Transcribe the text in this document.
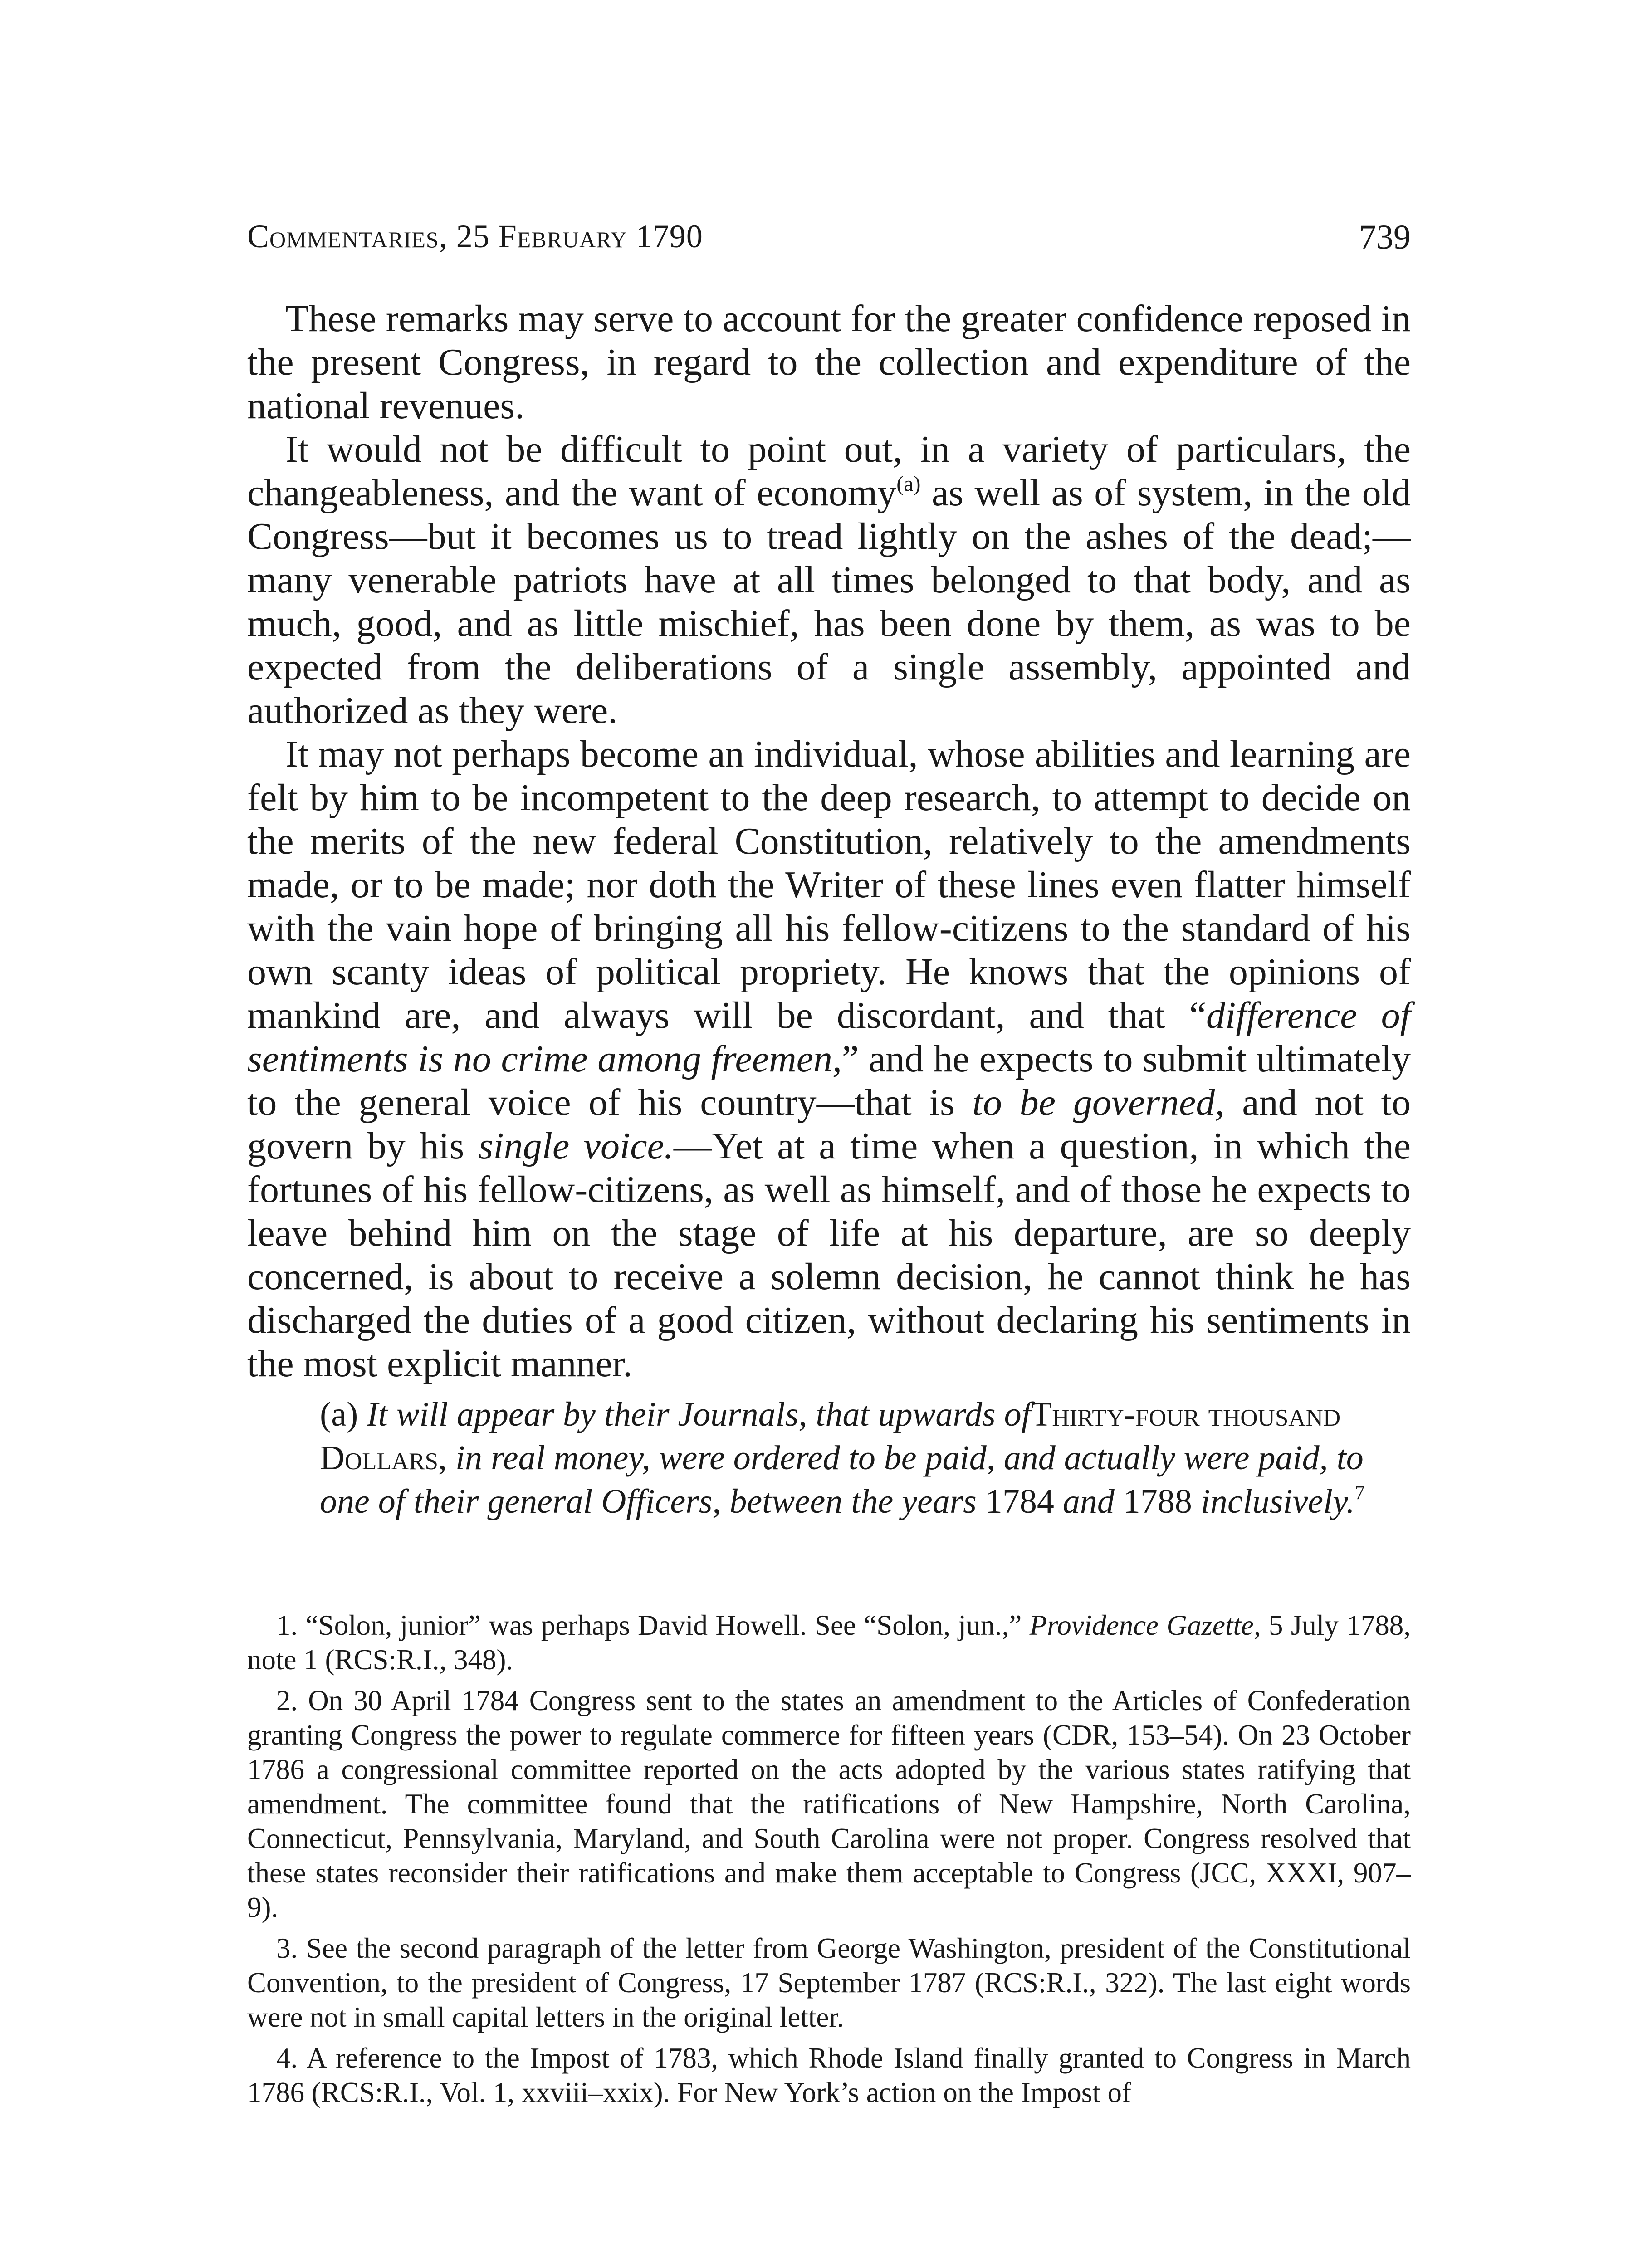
Commentaries, 25 February 1790	739

These remarks may serve to account for the greater confidence reposed in the present Congress, in regard to the collection and expenditure of the national revenues.

It would not be difficult to point out, in a variety of particulars, the changeableness, and the want of economy$^{(a)}$ as well as of system, in the old Congress—but it becomes us to tread lightly on the ashes of the dead;—many venerable patriots have at all times belonged to that body, and as much, good, and as little mischief, has been done by them, as was to be expected from the deliberations of a single assembly, appointed and authorized as they were.

It may not perhaps become an individual, whose abilities and learning are felt by him to be incompetent to the deep research, to attempt to decide on the merits of the new federal Constitution, relatively to the amendments made, or to be made; nor doth the Writer of these lines even flatter himself with the vain hope of bringing all his fellow-citizens to the standard of his own scanty ideas of political propriety. He knows that the opinions of mankind are, and always will be discordant, and that “difference of sentiments is no crime among freemen,” and he expects to submit ultimately to the general voice of his country—that is to be governed, and not to govern by his single voice.—Yet at a time when a question, in which the fortunes of his fellow-citizens, as well as himself, and of those he expects to leave behind him on the stage of life at his departure, are so deeply concerned, is about to receive a solemn decision, he cannot think he has discharged the duties of a good citizen, without declaring his sentiments in the most explicit manner.

(a) It will appear by their Journals, that upwards ofThirty-four thousand Dollars, in real money, were ordered to be paid, and actually were paid, to one of their general Officers, between the years 1784 and 1788 inclusively.$^7$

1. “Solon, junior” was perhaps David Howell. See “Solon, jun.,” Providence Gazette, 5 July 1788, note 1 (RCS:R.I., 348).

2. On 30 April 1784 Congress sent to the states an amendment to the Articles of Confederation granting Congress the power to regulate commerce for fifteen years (CDR, 153–54). On 23 October 1786 a congressional committee reported on the acts adopted by the various states ratifying that amendment. The committee found that the ratifications of New Hampshire, North Carolina, Connecticut, Pennsylvania, Maryland, and South Carolina were not proper. Congress resolved that these states reconsider their ratifications and make them acceptable to Congress (JCC, XXXI, 907–9).

3. See the second paragraph of the letter from George Washington, president of the Constitutional Convention, to the president of Congress, 17 September 1787 (RCS:R.I., 322). The last eight words were not in small capital letters in the original letter.

4. A reference to the Impost of 1783, which Rhode Island finally granted to Congress in March 1786 (RCS:R.I., Vol. 1, xxviii–xxix). For New York’s action on the Impost of
